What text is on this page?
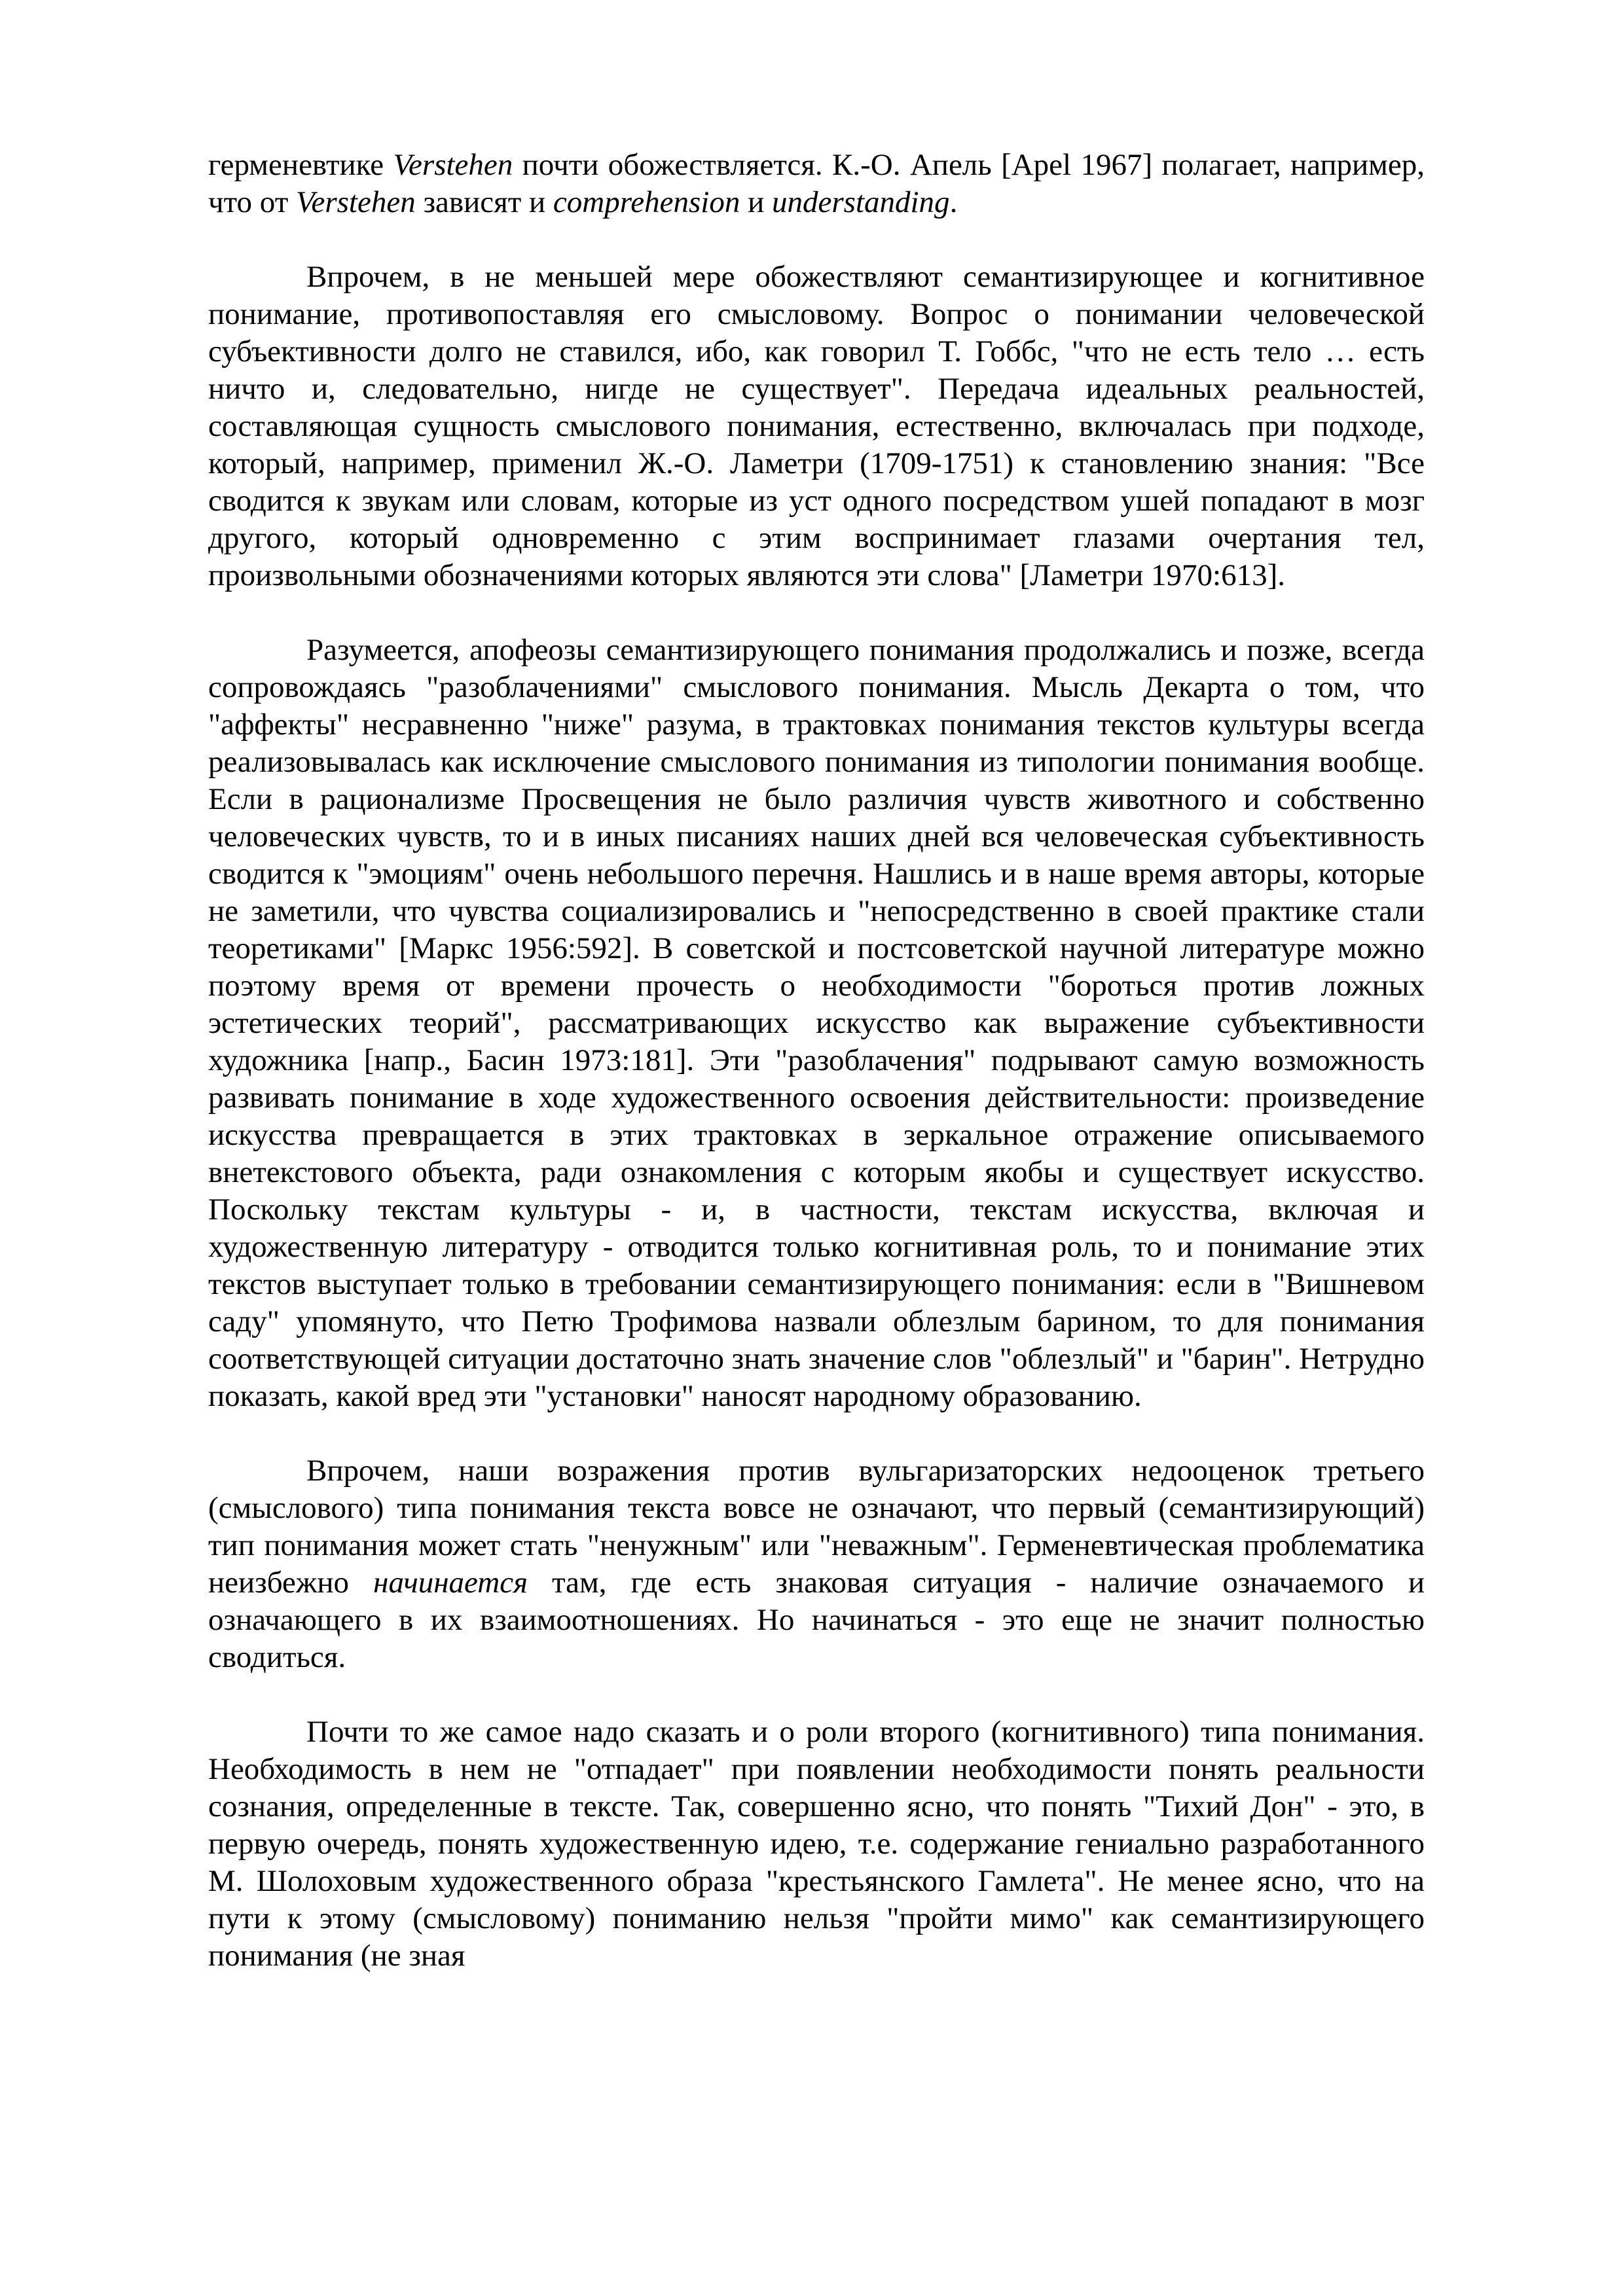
герменевтике Verstehen почти обожествляется. К.-О. Апель [Apel 1967] полагает, например, что от Verstehen зависят и comprehension и understanding.

Впрочем, в не меньшей мере обожествляют семантизирующее и когнитивное понимание, противопоставляя его смысловому. Вопрос о понимании человеческой субъективности долго не ставился, ибо, как говорил Т. Гоббс, "что не есть тело … есть ничто и, следовательно, нигде не существует". Передача идеальных реальностей, составляющая сущность смыслового понимания, естественно, включалась при подходе, который, например, применил Ж.-О. Ламетри (1709-1751) к становлению знания: "Все сводится к звукам или словам, которые из уст одного посредством ушей попадают в мозг другого, который одновременно с этим воспринимает глазами очертания тел, произвольными обозначениями которых являются эти слова" [Ламетри 1970:613].

Разумеется, апофеозы семантизирующего понимания продолжались и позже, всегда сопровождаясь "разоблачениями" смыслового понимания. Мысль Декарта о том, что "аффекты" несравненно "ниже" разума, в трактовках понимания текстов культуры всегда реализовывалась как исключение смыслового понимания из типологии понимания вообще. Если в рационализме Просвещения не было различия чувств животного и собственно человеческих чувств, то и в иных писаниях наших дней вся человеческая субъективность сводится к "эмоциям" очень небольшого перечня. Нашлись и в наше время авторы, которые не заметили, что чувства социализировались и "непосредственно в своей практике стали теоретиками" [Маркс 1956:592]. В советской и постсоветской научной литературе можно поэтому время от времени прочесть о необходимости "бороться против ложных эстетических теорий", рассматривающих искусство как выражение субъективности художника [напр., Басин 1973:181]. Эти "разоблачения" подрывают самую возможность развивать понимание в ходе художественного освоения действительности: произведение искусства превращается в этих трактовках в зеркальное отражение описываемого внетекстового объекта, ради ознакомления с которым якобы и существует искусство. Поскольку текстам культуры - и, в частности, текстам искусства, включая и художественную литературу - отводится только когнитивная роль, то и понимание этих текстов выступает только в требовании семантизирующего понимания: если в "Вишневом саду" упомянуто, что Петю Трофимова назвали облезлым барином, то для понимания соответствующей ситуации достаточно знать значение слов "облезлый" и "барин". Нетрудно показать, какой вред эти "установки" наносят народному образованию.

Впрочем, наши возражения против вульгаризаторских недооценок третьего (смыслового) типа понимания текста вовсе не означают, что первый (семантизирующий) тип понимания может стать "ненужным" или "неважным". Герменевтическая проблематика неизбежно начинается там, где есть знаковая ситуация - наличие означаемого и означающего в их взаимоотношениях. Но начинаться - это еще не значит полностью сводиться.

Почти то же самое надо сказать и о роли второго (когнитивного) типа понимания. Необходимость в нем не "отпадает" при появлении необходимости понять реальности сознания, определенные в тексте. Так, совершенно ясно, что понять "Тихий Дон" - это, в первую очередь, понять художественную идею, т.е. содержание гениально разработанного М. Шолоховым художественного образа "крестьянского Гамлета". Не менее ясно, что на пути к этому (смысловому) пониманию нельзя "пройти мимо" как семантизирующего понимания (не зная
